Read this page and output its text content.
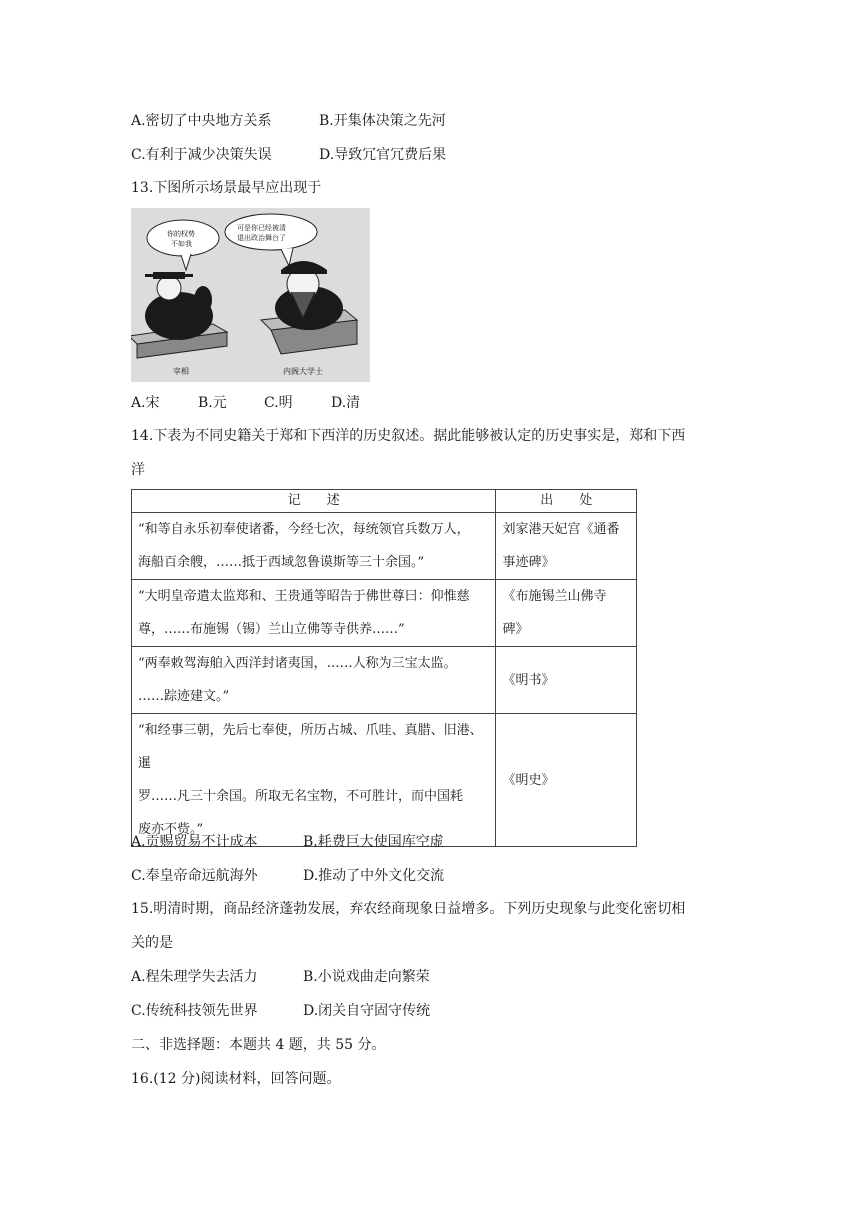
A.密切了中央地方关系	B.开集体决策之先河
C.有利于减少决策失误	D.导致冗官冗费后果
13.下图所示场景最早应出现于
你的权势 不如我
可是你已经被清 退出政治舞台了
宰相	内阁大学士
A.宋	B.元	C.明	D.清
14.下表为不同史籍关于郑和下西洋的历史叙述。据此能够被认定的历史事实是，郑和下西
洋
记　　述	出　　处
“和等自永乐初奉使诸番，今经七次，每统领官兵数万人，
海船百余艘，……抵于西域忽鲁谟斯等三十余国。”	刘家港天妃宫《通番
事迹碑》
“大明皇帝遣太监郑和、王贵通等昭告于佛世尊曰：仰惟慈
尊，……布施锡（锡）兰山立佛等寺供养……”	《布施锡兰山佛寺
碑》
“两奉敕驾海舶入西洋封诸夷国，……人称为三宝太监。
……踪迹建文。”	《明书》
“和经事三朝，先后七奉使，所历占城、爪哇、真腊、旧港、暹
罗……凡三十余国。所取无名宝物，不可胜计，而中国耗
废亦不赀。”	《明史》
A.贡赐贸易不计成本	B.耗费巨大使国库空虚
C.奉皇帝命远航海外	D.推动了中外文化交流
15.明清时期，商品经济蓬勃发展，弃农经商现象日益增多。下列历史现象与此变化密切相
关的是
A.程朱理学失去活力	B.小说戏曲走向繁荣
C.传统科技领先世界	D.闭关自守固守传统
二、非选择题：本题共 4 题，共 55 分。
16.(12 分)阅读材料，回答问题。
